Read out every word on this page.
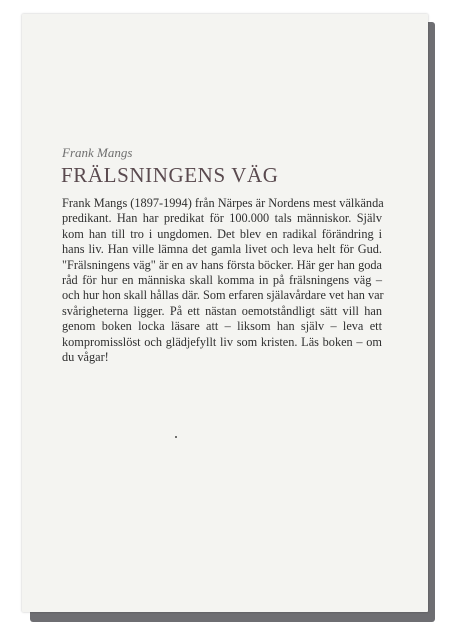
Frank Mangs

FRÄLSNINGENS VÄG

Frank Mangs (1897-1994) från Närpes är Nordens mest välkända
predikant. Han har predikat för 100.000 tals människor. Själv
kom han till tro i ungdomen. Det blev en radikal förändring i
hans liv. Han ville lämna det gamla livet och leva helt för Gud.
"Frälsningens väg" är en av hans första böcker. Här ger han goda
råd för hur en människa skall komma in på frälsningens väg –
och hur hon skall hållas där. Som erfaren själavårdare vet han var
svårigheterna ligger. På ett nästan oemotståndligt sätt vill han
genom boken locka läsare att – liksom han själv – leva ett
kompromisslöst och glädjefyllt liv som kristen. Läs boken – om
du vågar!
